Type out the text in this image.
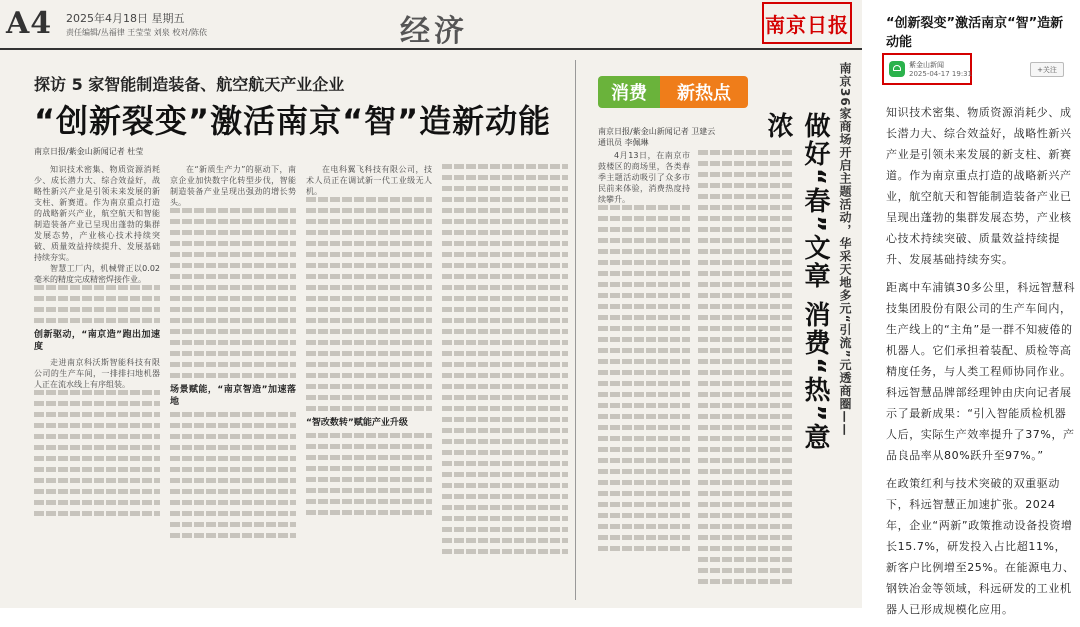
A4 2025年4月18日 星期五
责任编辑/丛福律 王莹莹 刘泉 校对/陈依	经济	南京日报
探访 5 家智能制造装备、航空航天产业企业
“创新裂变”激活南京“智”造新动能
南京日报/紫金山新闻记者 杜莹

知识技术密集、物质资源消耗少、成长潜力大、综合效益好，战略性新兴产业是引领未来发展的新支柱、新赛道。作为南京重点打造的战略新兴产业，航空航天和智能制造装备产业已呈现出蓬勃的集群发展态势，产业核心技术持续突破、质量效益持续提升、发展基础持续夯实。

智慧工厂内，机械臂正以0.02毫米的精度完成精密焊接作业。

创新驱动，“南京造”跑出加速度

走进南京科沃斯智能科技有限公司的生产车间，一排排扫地机器人正在流水线上有序组装。

在“新质生产力”的驱动下，南京企业加快数字化转型步伐，智能制造装备产业呈现出强劲的增长势头。

场景赋能，“南京智造”加速落地

在电科翼飞科技有限公司，技术人员正在调试新一代工业级无人机。

“智改数转”赋能产业升级

消费	新热点
南京日报/紫金山新闻记者 卫建云
通讯员 李佩琳

4月13日，在南京市鼓楼区的商场里，各类春季主题活动吸引了众多市民前来体验，消费热度持续攀升。	做好“春”文章 消费“热”意浓	南京36家商场开启主题活动，华采天地多元“引流”元透商圈——
“创新裂变”激活南京“智”造新动能
紫金山新闻
2025-04-17 19:31
+关注

知识技术密集、物质资源消耗少、成长潜力大、综合效益好，战略性新兴产业是引领未来发展的新支柱、新赛道。作为南京重点打造的战略新兴产业，航空航天和智能制造装备产业已呈现出蓬勃的集群发展态势，产业核心技术持续突破、质量效益持续提升、发展基础持续夯实。

距离中车浦镇30多公里，科远智慧科技集团股份有限公司的生产车间内，生产线上的“主角”是一群不知疲倦的机器人。它们承担着装配、质检等高精度任务，与人类工程师协同作业。科远智慧品牌部经理钟由庆向记者展示了最新成果：“引入智能质检机器人后，实际生产效率提升了37%，产品良品率从80%跃升至97%。”

在政策红利与技术突破的双重驱动下，科远智慧正加速扩张。2024年，企业“两新”政策推动设备投资增长15.7%，研发投入占比超11%，新客户比例增至25%。在能源电力、钢铁冶金等领域，科远研发的工业机器人已形成规模化应用。
